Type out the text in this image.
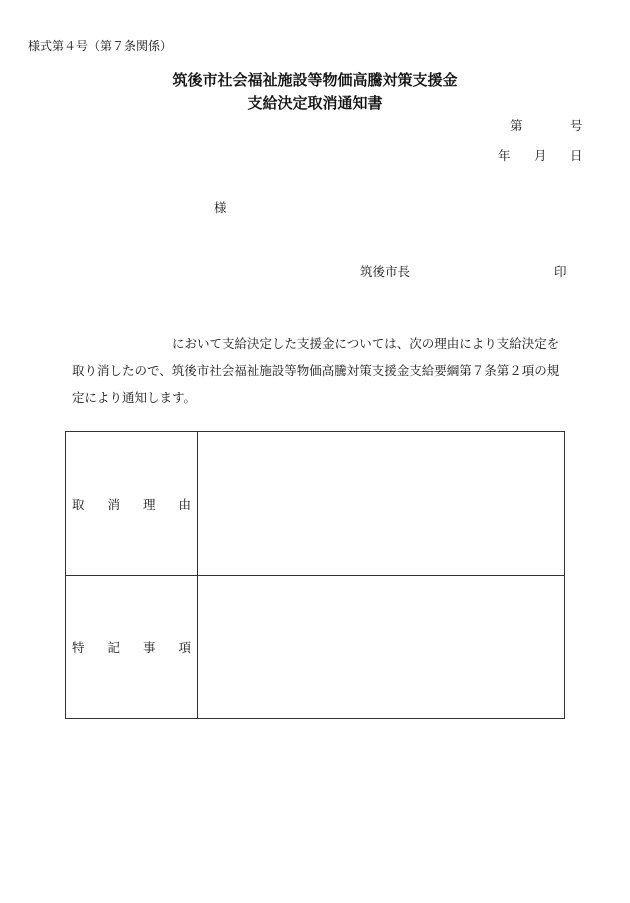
様式第４号（第７条関係）
筑後市社会福祉施設等物価高騰対策支援金
支給決定取消通知書
第	号
年 月 日
様
筑後市長	印

において支給決定した支援金については、次の理由により支給決定を

取り消したので、筑後市社会福祉施設等物価高騰対策支援金支給要綱第７条第２項の規

定により通知します。

取 消 理 由	

特 記 事 項	
